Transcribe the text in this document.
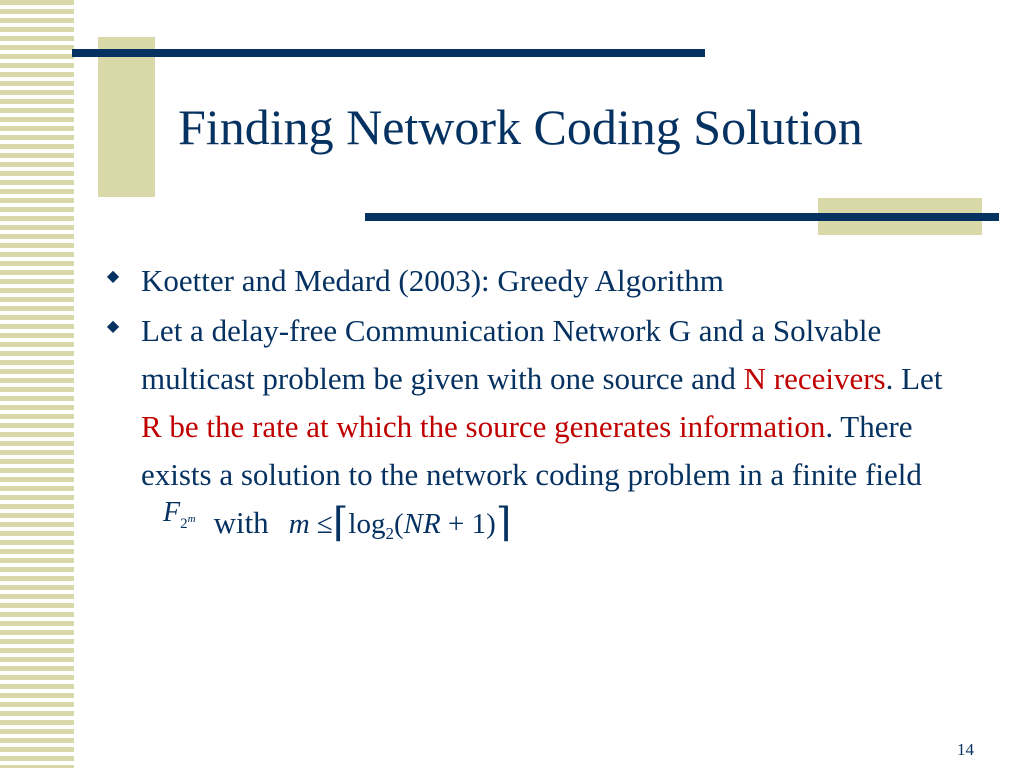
Finding Network Coding Solution
◆ Koetter and Medard (2003): Greedy Algorithm
◆ Let a delay-free Communication Network G and a Solvable multicast problem be given with one source and N receivers. Let R be the rate at which the source generates information. There exists a solution to the network coding problem in a finite fieldF$_{2^m}$ with $m \le⌈\log_2(NR$ + 1)⌉
14
